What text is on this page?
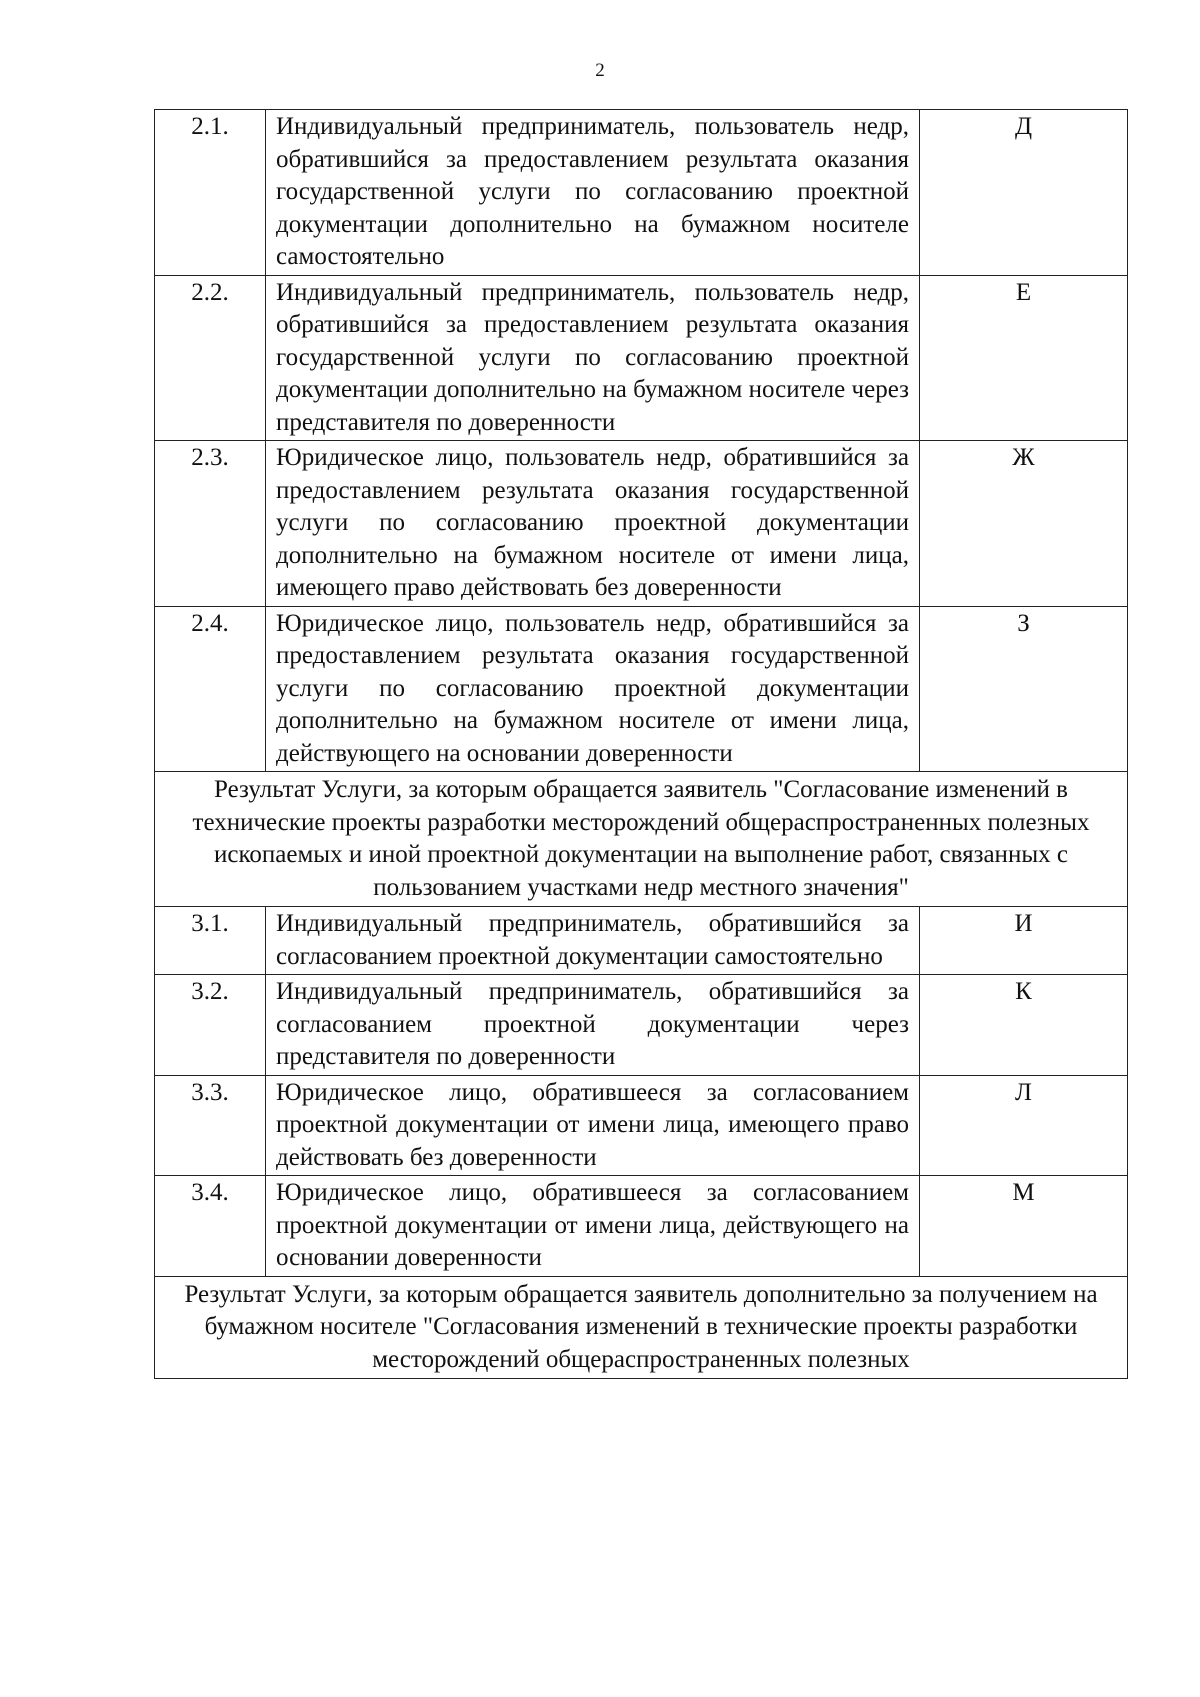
2
2.1.	Индивидуальный предприниматель, пользователь недр, обратившийся за предоставлением результата оказания государственной услуги по согласованию проектной документации дополнительно на бумажном носителе самостоятельно	Д
2.2.	Индивидуальный предприниматель, пользователь недр, обратившийся за предоставлением результата оказания государственной услуги по согласованию проектной документации дополнительно на бумажном носителе через представителя по доверенности	Е
2.3.	Юридическое лицо, пользователь недр, обратившийся за предоставлением результата оказания государственной услуги по согласованию проектной документации дополнительно на бумажном носителе от имени лица, имеющего право действовать без доверенности	Ж
2.4.	Юридическое лицо, пользователь недр, обратившийся за предоставлением результата оказания государственной услуги по согласованию проектной документации дополнительно на бумажном носителе от имени лица, действующего на основании доверенности	З
Результат Услуги, за которым обращается заявитель "Согласование изменений в технические проекты разработки месторождений общераспространенных полезных ископаемых и иной проектной документации на выполнение работ, связанных с пользованием участками недр местного значения"		
3.1.	Индивидуальный предприниматель, обратившийся за согласованием проектной документации самостоятельно	И
3.2.	Индивидуальный предприниматель, обратившийся за согласованием проектной документации через представителя по доверенности	К
3.3.	Юридическое лицо, обратившееся за согласованием проектной документации от имени лица, имеющего право действовать без доверенности	Л
3.4.	Юридическое лицо, обратившееся за согласованием проектной документации от имени лица, действующего на основании доверенности	М
Результат Услуги, за которым обращается заявитель дополнительно за получением на бумажном носителе "Согласования изменений в технические проекты разработки месторождений общераспространенных полезных		
